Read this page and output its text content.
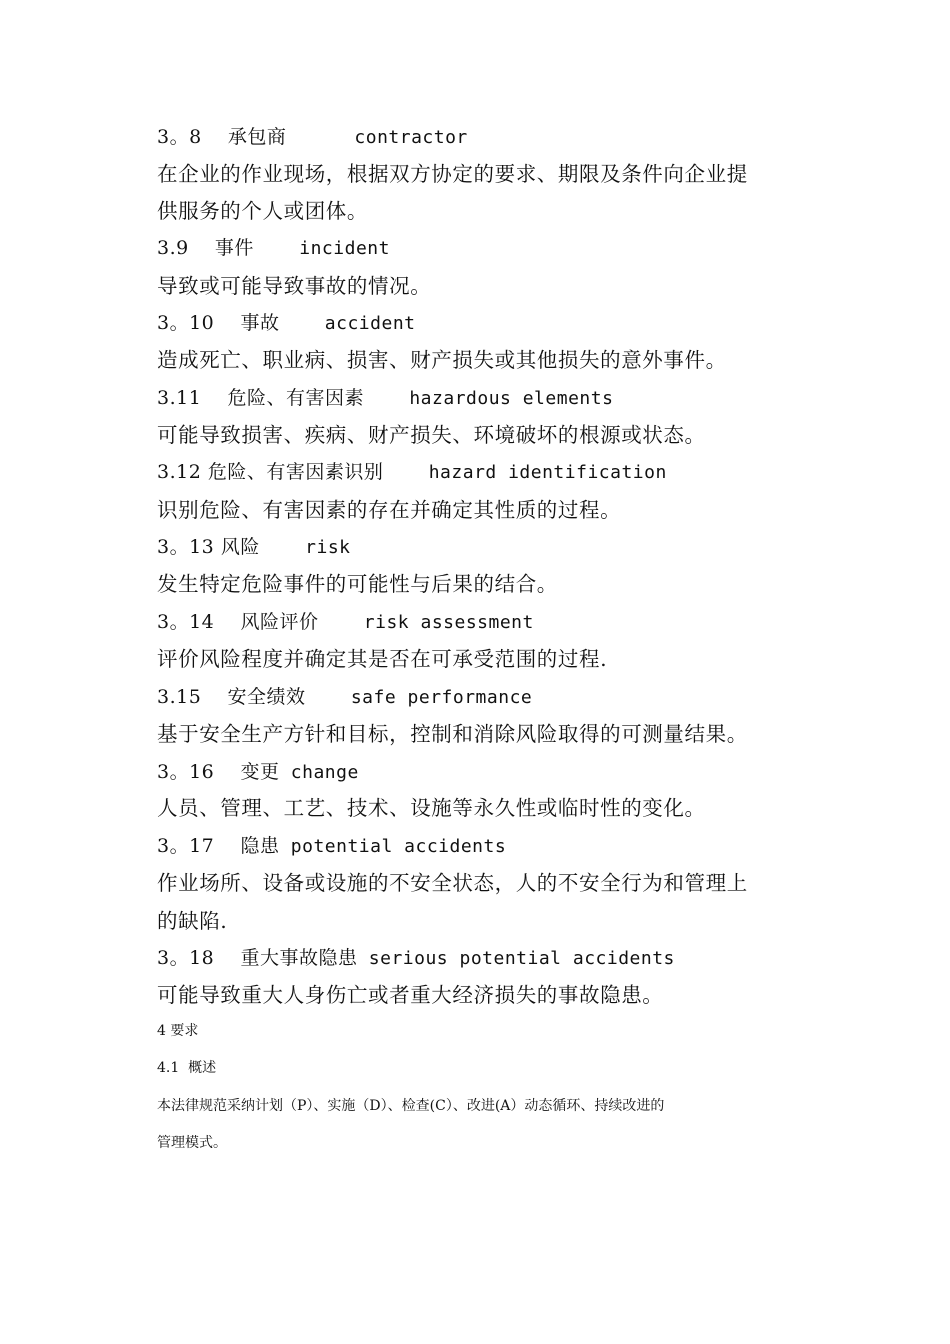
3。8 承包商      contractor
在企业的作业现场，根据双方协定的要求、期限及条件向企业提
供服务的个人或团体。
3.9 事件    incident
导致或可能导致事故的情况。
3。10 事故    accident
造成死亡、职业病、损害、财产损失或其他损失的意外事件。
3.11 危险、有害因素    hazardous elements
可能导致损害、疾病、财产损失、环境破坏的根源或状态。
3.12 危险、有害因素识别    hazard identification
识别危险、有害因素的存在并确定其性质的过程。
3。13 风险    risk
发生特定危险事件的可能性与后果的结合。
3。14 风险评价    risk assessment
评价风险程度并确定其是否在可承受范围的过程.
3.15 安全绩效    safe performance
基于安全生产方针和目标，控制和消除风险取得的可测量结果。
3。16 变更 change
人员、管理、工艺、技术、设施等永久性或临时性的变化。
3。17 隐患 potential accidents
作业场所、设备或设施的不安全状态，人的不安全行为和管理上
的缺陷.
3。18 重大事故隐患 serious potential accidents
可能导致重大人身伤亡或者重大经济损失的事故隐患。
4 要求
4.1  概述
本法律规范采纳计划（P）、实施（D）、检查(C）、改进(A）动态循环、持续改进的
管理模式。
